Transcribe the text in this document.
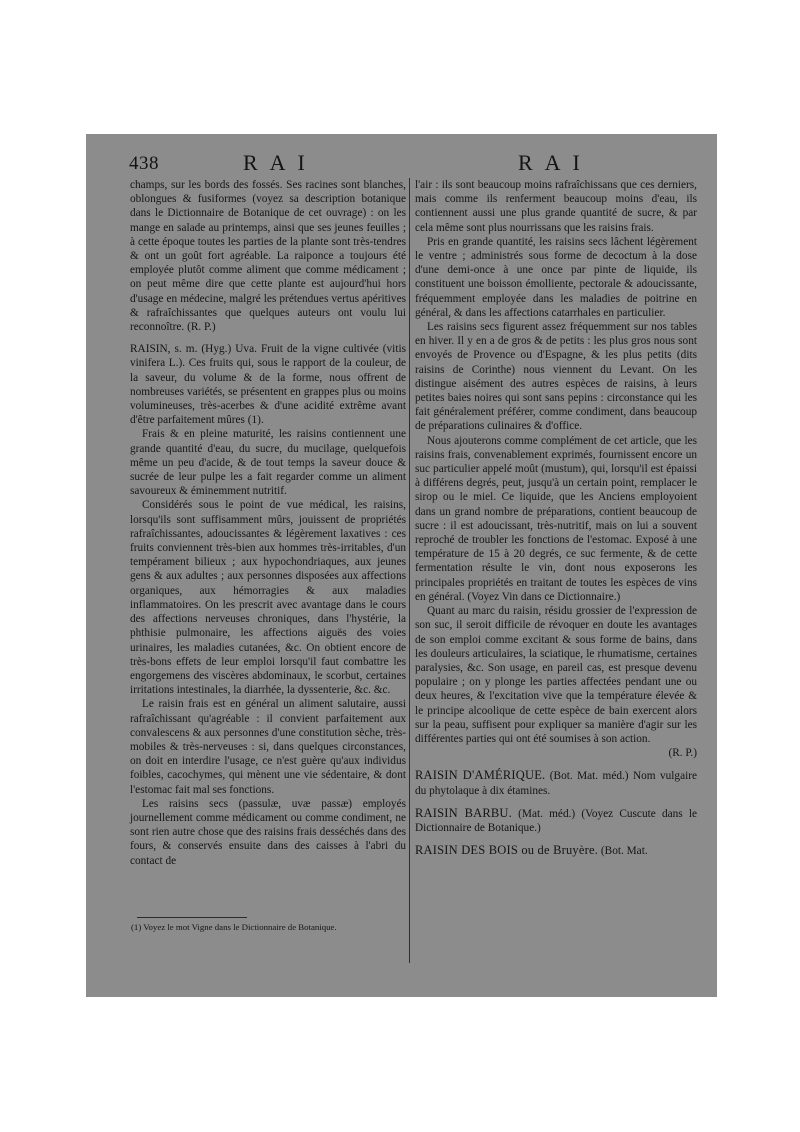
438	RAI	RAI

champs, sur les bords des fossés. Ses racines sont blanches, oblongues & fusiformes (voyez sa description botanique dans le Dictionnaire de Botanique de cet ouvrage) : on les mange en salade au printemps, ainsi que ses jeunes feuilles ; à cette époque toutes les parties de la plante sont très-tendres & ont un goût fort agréable. La raiponce a toujours été employée plutôt comme aliment que comme médicament ; on peut même dire que cette plante est aujourd'hui hors d'usage en médecine, malgré les prétendues vertus apéritives & rafraîchissantes que quelques auteurs ont voulu lui reconnoître. (R. P.)

RAISIN, s. m. (Hyg.) Uva. Fruit de la vigne cultivée (vitis vinifera L.). Ces fruits qui, sous le rapport de la couleur, de la saveur, du volume & de la forme, nous offrent de nombreuses variétés, se présentent en grappes plus ou moins volumineuses, très-acerbes & d'une acidité extrême avant d'être parfaitement mûres (1).

Frais & en pleine maturité, les raisins contiennent une grande quantité d'eau, du sucre, du mucilage, quelquefois même un peu d'acide, & de tout temps la saveur douce & sucrée de leur pulpe les a fait regarder comme un aliment savoureux & éminemment nutritif.

Considérés sous le point de vue médical, les raisins, lorsqu'ils sont suffisamment mûrs, jouissent de propriétés rafraîchissantes, adoucissantes & légèrement laxatives : ces fruits conviennent très-bien aux hommes très-irritables, d'un tempérament bilieux ; aux hypochondriaques, aux jeunes gens & aux adultes ; aux personnes disposées aux affections organiques, aux hémorragies & aux maladies inflammatoires. On les prescrit avec avantage dans le cours des affections nerveuses chroniques, dans l'hystérie, la phthisie pulmonaire, les affections aiguës des voies urinaires, les maladies cutanées, &c. On obtient encore de très-bons effets de leur emploi lorsqu'il faut combattre les engorgemens des viscères abdominaux, le scorbut, certaines irritations intestinales, la diarrhée, la dyssenterie, &c. &c.

Le raisin frais est en général un aliment salutaire, aussi rafraîchissant qu'agréable : il convient parfaitement aux convalescens & aux personnes d'une constitution sèche, très-mobiles & très-nerveuses : si, dans quelques circonstances, on doit en interdire l'usage, ce n'est guère qu'aux individus foibles, cacochymes, qui mènent une vie sédentaire, & dont l'estomac fait mal ses fonctions.

Les raisins secs (passulæ, uvæ passæ) employés journellement comme médicament ou comme condiment, ne sont rien autre chose que des raisins frais desséchés dans des fours, & conservés ensuite dans des caisses à l'abri du contact de

(1) Voyez le mot Vigne dans le Dictionnaire de Botanique.

l'air : ils sont beaucoup moins rafraîchissans que ces derniers, mais comme ils renferment beaucoup moins d'eau, ils contiennent aussi une plus grande quantité de sucre, & par cela même sont plus nourrissans que les raisins frais.

Pris en grande quantité, les raisins secs lâchent légèrement le ventre ; administrés sous forme de decoctum à la dose d'une demi-once à une once par pinte de liquide, ils constituent une boisson émolliente, pectorale & adoucissante, fréquemment employée dans les maladies de poitrine en général, & dans les affections catarrhales en particulier.

Les raisins secs figurent assez fréquemment sur nos tables en hiver. Il y en a de gros & de petits : les plus gros nous sont envoyés de Provence ou d'Espagne, & les plus petits (dits raisins de Corinthe) nous viennent du Levant. On les distingue aisément des autres espèces de raisins, à leurs petites baies noires qui sont sans pepins : circonstance qui les fait généralement préférer, comme condiment, dans beaucoup de préparations culinaires & d'office.

Nous ajouterons comme complément de cet article, que les raisins frais, convenablement exprimés, fournissent encore un suc particulier appelé moût (mustum), qui, lorsqu'il est épaissi à différens degrés, peut, jusqu'à un certain point, remplacer le sirop ou le miel. Ce liquide, que les Anciens employoient dans un grand nombre de préparations, contient beaucoup de sucre : il est adoucissant, très-nutritif, mais on lui a souvent reproché de troubler les fonctions de l'estomac. Exposé à une température de 15 à 20 degrés, ce suc fermente, & de cette fermentation résulte le vin, dont nous exposerons les principales propriétés en traitant de toutes les espèces de vins en général. (Voyez Vin dans ce Dictionnaire.)

Quant au marc du raisin, résidu grossier de l'expression de son suc, il seroit difficile de révoquer en doute les avantages de son emploi comme excitant & sous forme de bains, dans les douleurs articulaires, la sciatique, le rhumatisme, certaines paralysies, &c. Son usage, en pareil cas, est presque devenu populaire ; on y plonge les parties affectées pendant une ou deux heures, & l'excitation vive que la température élevée & le principe alcoolique de cette espèce de bain exercent alors sur la peau, suffisent pour expliquer sa manière d'agir sur les différentes parties qui ont été soumises à son action.

(R. P.)

RAISIN D'AMÉRIQUE. (Bot. Mat. méd.) Nom vulgaire du phytolaque à dix étamines.

RAISIN BARBU. (Mat. méd.) (Voyez Cuscute dans le Dictionnaire de Botanique.)

RAISIN DES BOIS ou de Bruyère. (Bot. Mat.
